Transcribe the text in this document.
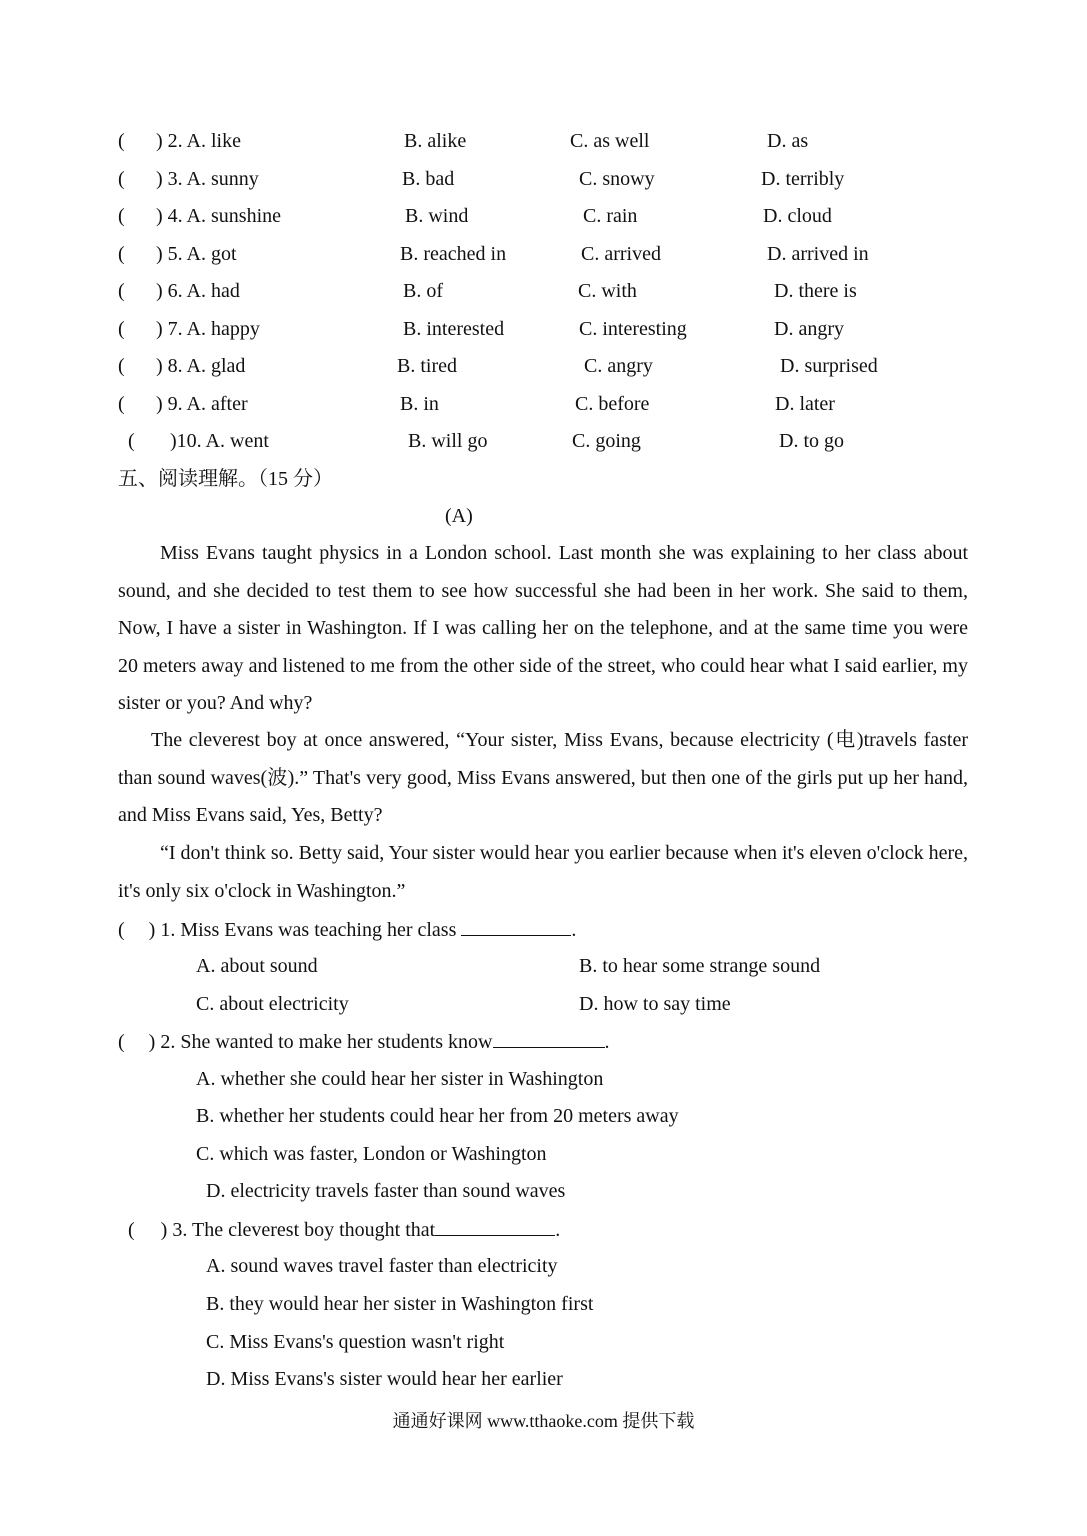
( ) 2. A. like	B. alike	C. as well	D. as
( ) 3. A. sunny	B. bad	C. snowy	D. terribly
( ) 4. A. sunshine	B. wind	C. rain	D. cloud
( ) 5. A. got	B. reached in	C. arrived	D. arrived in
( ) 6. A. had	B. of	C. with	D. there is
( ) 7. A. happy	B. interested	C. interesting	D. angry
( ) 8. A. glad	B. tired	C. angry	D. surprised
( ) 9. A. after	B. in	C. before	D. later
( )10. A. went	B. will go	C. going	D. to go
五、阅读理解。（15 分）
(A)
Miss Evans taught physics in a London school. Last month she was explaining to her class about sound, and she decided to test them to see how successful she had been in her work. She said to them, Now, I have a sister in Washington. If I was calling her on the telephone, and at the same time you were 20 meters away and listened to me from the other side of the street, who could hear what I said earlier, my sister or you? And why?
The cleverest boy at once answered, “Your sister, Miss Evans, because electricity (电)travels faster than sound waves(波).” That's very good, Miss Evans answered, but then one of the girls put up her hand, and Miss Evans said, Yes, Betty?
“I don't think so. Betty said, Your sister would hear you earlier because when it's eleven o'clock here, it's only six o'clock in Washington.”
( ) 1. Miss Evans was teaching her class	.
A. about sound	B. to hear some strange sound
C. about electricity	D. how to say time
( ) 2. She wanted to make her students know	.
A. whether she could hear her sister in Washington
B. whether her students could hear her from 20 meters away
C. which was faster, London or Washington
D. electricity travels faster than sound waves
( ) 3. The cleverest boy thought that	.
A. sound waves travel faster than electricity
B. they would hear her sister in Washington first
C. Miss Evans's question wasn't right
D. Miss Evans's sister would hear her earlier
通通好课网 www.tthaoke.com 提供下载
